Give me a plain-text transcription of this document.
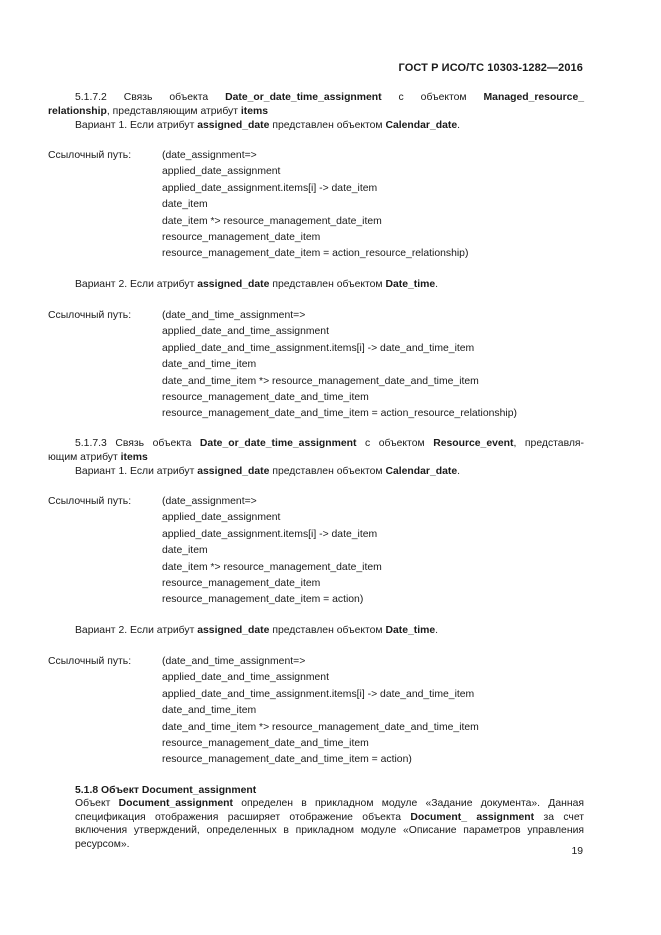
ГОСТ Р ИСО/ТС 10303-1282—2016
5.1.7.2 Связь объекта Date_or_date_time_assignment с объектом Managed_resource_
relationship, представляющим атрибут items
Вариант 1. Если атрибут assigned_date представлен объектом Calendar_date.
Ссылочный путь:	(date_assignment=>
applied_date_assignment
applied_date_assignment.items[i] -> date_item
date_item
date_item *> resource_management_date_item
resource_management_date_item
resource_management_date_item = action_resource_relationship)
Вариант 2. Если атрибут assigned_date представлен объектом Date_time.
Ссылочный путь:	(date_and_time_assignment=>
applied_date_and_time_assignment
applied_date_and_time_assignment.items[i] -> date_and_time_item
date_and_time_item
date_and_time_item *> resource_management_date_and_time_item
resource_management_date_and_time_item
resource_management_date_and_time_item = action_resource_relationship)
5.1.7.3 Связь объекта Date_or_date_time_assignment с объектом Resource_event, представля-
ющим атрибут items
Вариант 1. Если атрибут assigned_date представлен объектом Calendar_date.
Ссылочный путь:	(date_assignment=>
applied_date_assignment
applied_date_assignment.items[i] -> date_item
date_item
date_item *> resource_management_date_item
resource_management_date_item
resource_management_date_item = action)
Вариант 2. Если атрибут assigned_date представлен объектом Date_time.
Ссылочный путь:	(date_and_time_assignment=>
applied_date_and_time_assignment
applied_date_and_time_assignment.items[i] -> date_and_time_item
date_and_time_item
date_and_time_item *> resource_management_date_and_time_item
resource_management_date_and_time_item
resource_management_date_and_time_item = action)
5.1.8 Объект Document_assignment
Объект Document_assignment определен в прикладном модуле «Задание документа». Данная спецификация отображения расширяет отображение объекта Document_ assignment за счет включения утверждений, определенных в прикладном модуле «Описание параметров управления ресурсом».
19
